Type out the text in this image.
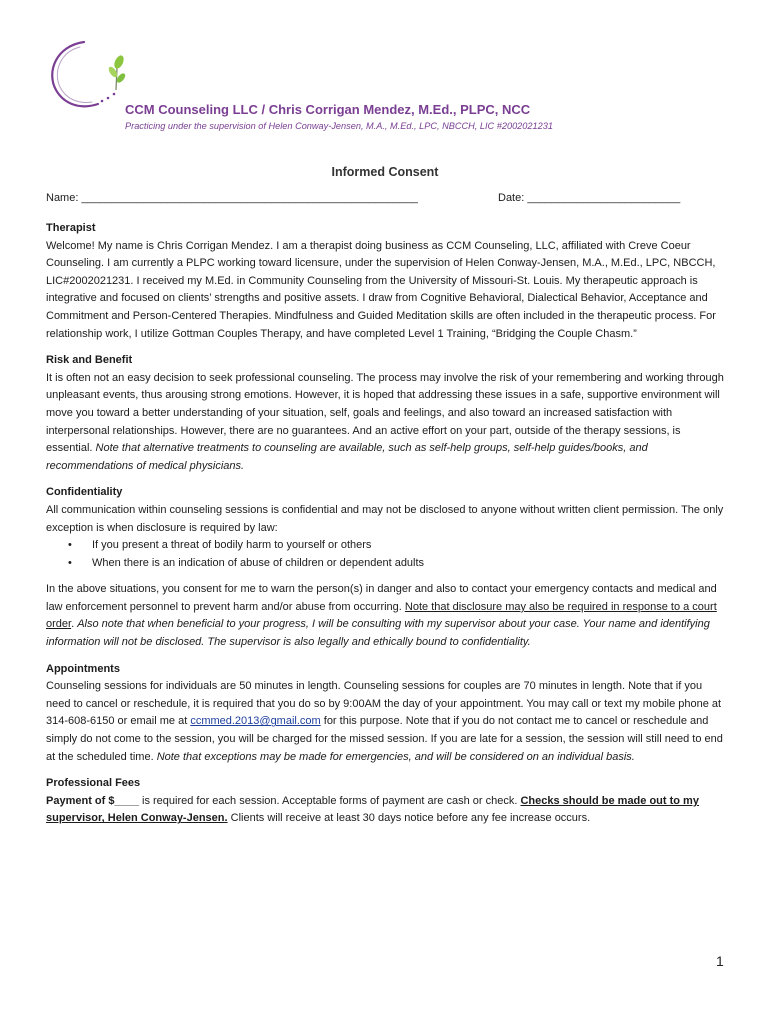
CCM Counseling LLC / Chris Corrigan Mendez, M.Ed., PLPC, NCC
Practicing under the supervision of Helen Conway-Jensen, M.A., M.Ed., LPC, NBCCH, LIC #2002021231
Informed Consent
Name: _______________________________________________________	Date: _________________________
Therapist

Welcome! My name is Chris Corrigan Mendez. I am a therapist doing business as CCM Counseling, LLC, affiliated with Creve Coeur Counseling. I am currently a PLPC working toward licensure, under the supervision of Helen Conway-Jensen, M.A., M.Ed., LPC, NBCCH, LIC#2002021231. I received my M.Ed. in Community Counseling from the University of Missouri-St. Louis. My therapeutic approach is integrative and focused on clients’ strengths and positive assets. I draw from Cognitive Behavioral, Dialectical Behavior, Acceptance and Commitment and Person-Centered Therapies. Mindfulness and Guided Meditation skills are often included in the therapeutic process. For relationship work, I utilize Gottman Couples Therapy, and have completed Level 1 Training, “Bridging the Couple Chasm.”

Risk and Benefit

It is often not an easy decision to seek professional counseling. The process may involve the risk of your remembering and working through unpleasant events, thus arousing strong emotions. However, it is hoped that addressing these issues in a safe, supportive environment will move you toward a better understanding of your situation, self, goals and feelings, and also toward an increased satisfaction with interpersonal relationships. However, there are no guarantees. And an active effort on your part, outside of the therapy sessions, is essential. Note that alternative treatments to counseling are available, such as self-help groups, self-help guides/books, and recommendations of medical physicians.

Confidentiality

All communication within counseling sessions is confidential and may not be disclosed to anyone without written client permission. The only exception is when disclosure is required by law:

• If you present a threat of bodily harm to yourself or others
• When there is an indication of abuse of children or dependent adults

In the above situations, you consent for me to warn the person(s) in danger and also to contact your emergency contacts and medical and law enforcement personnel to prevent harm and/or abuse from occurring. Note that disclosure may also be required in response to a court order. Also note that when beneficial to your progress, I will be consulting with my supervisor about your case. Your name and identifying information will not be disclosed. The supervisor is also legally and ethically bound to confidentiality.

Appointments

Counseling sessions for individuals are 50 minutes in length. Counseling sessions for couples are 70 minutes in length. Note that if you need to cancel or reschedule, it is required that you do so by 9:00AM the day of your appointment. You may call or text my mobile phone at 314-608-6150 or email me at ccmmed.2013@gmail.com for this purpose. Note that if you do not contact me to cancel or reschedule and simply do not come to the session, you will be charged for the missed session. If you are late for a session, the session will still need to end at the scheduled time. Note that exceptions may be made for emergencies, and will be considered on an individual basis.

Professional Fees

Payment of $____ is required for each session. Acceptable forms of payment are cash or check. Checks should be made out to my supervisor, Helen Conway-Jensen. Clients will receive at least 30 days notice before any fee increase occurs.

1
